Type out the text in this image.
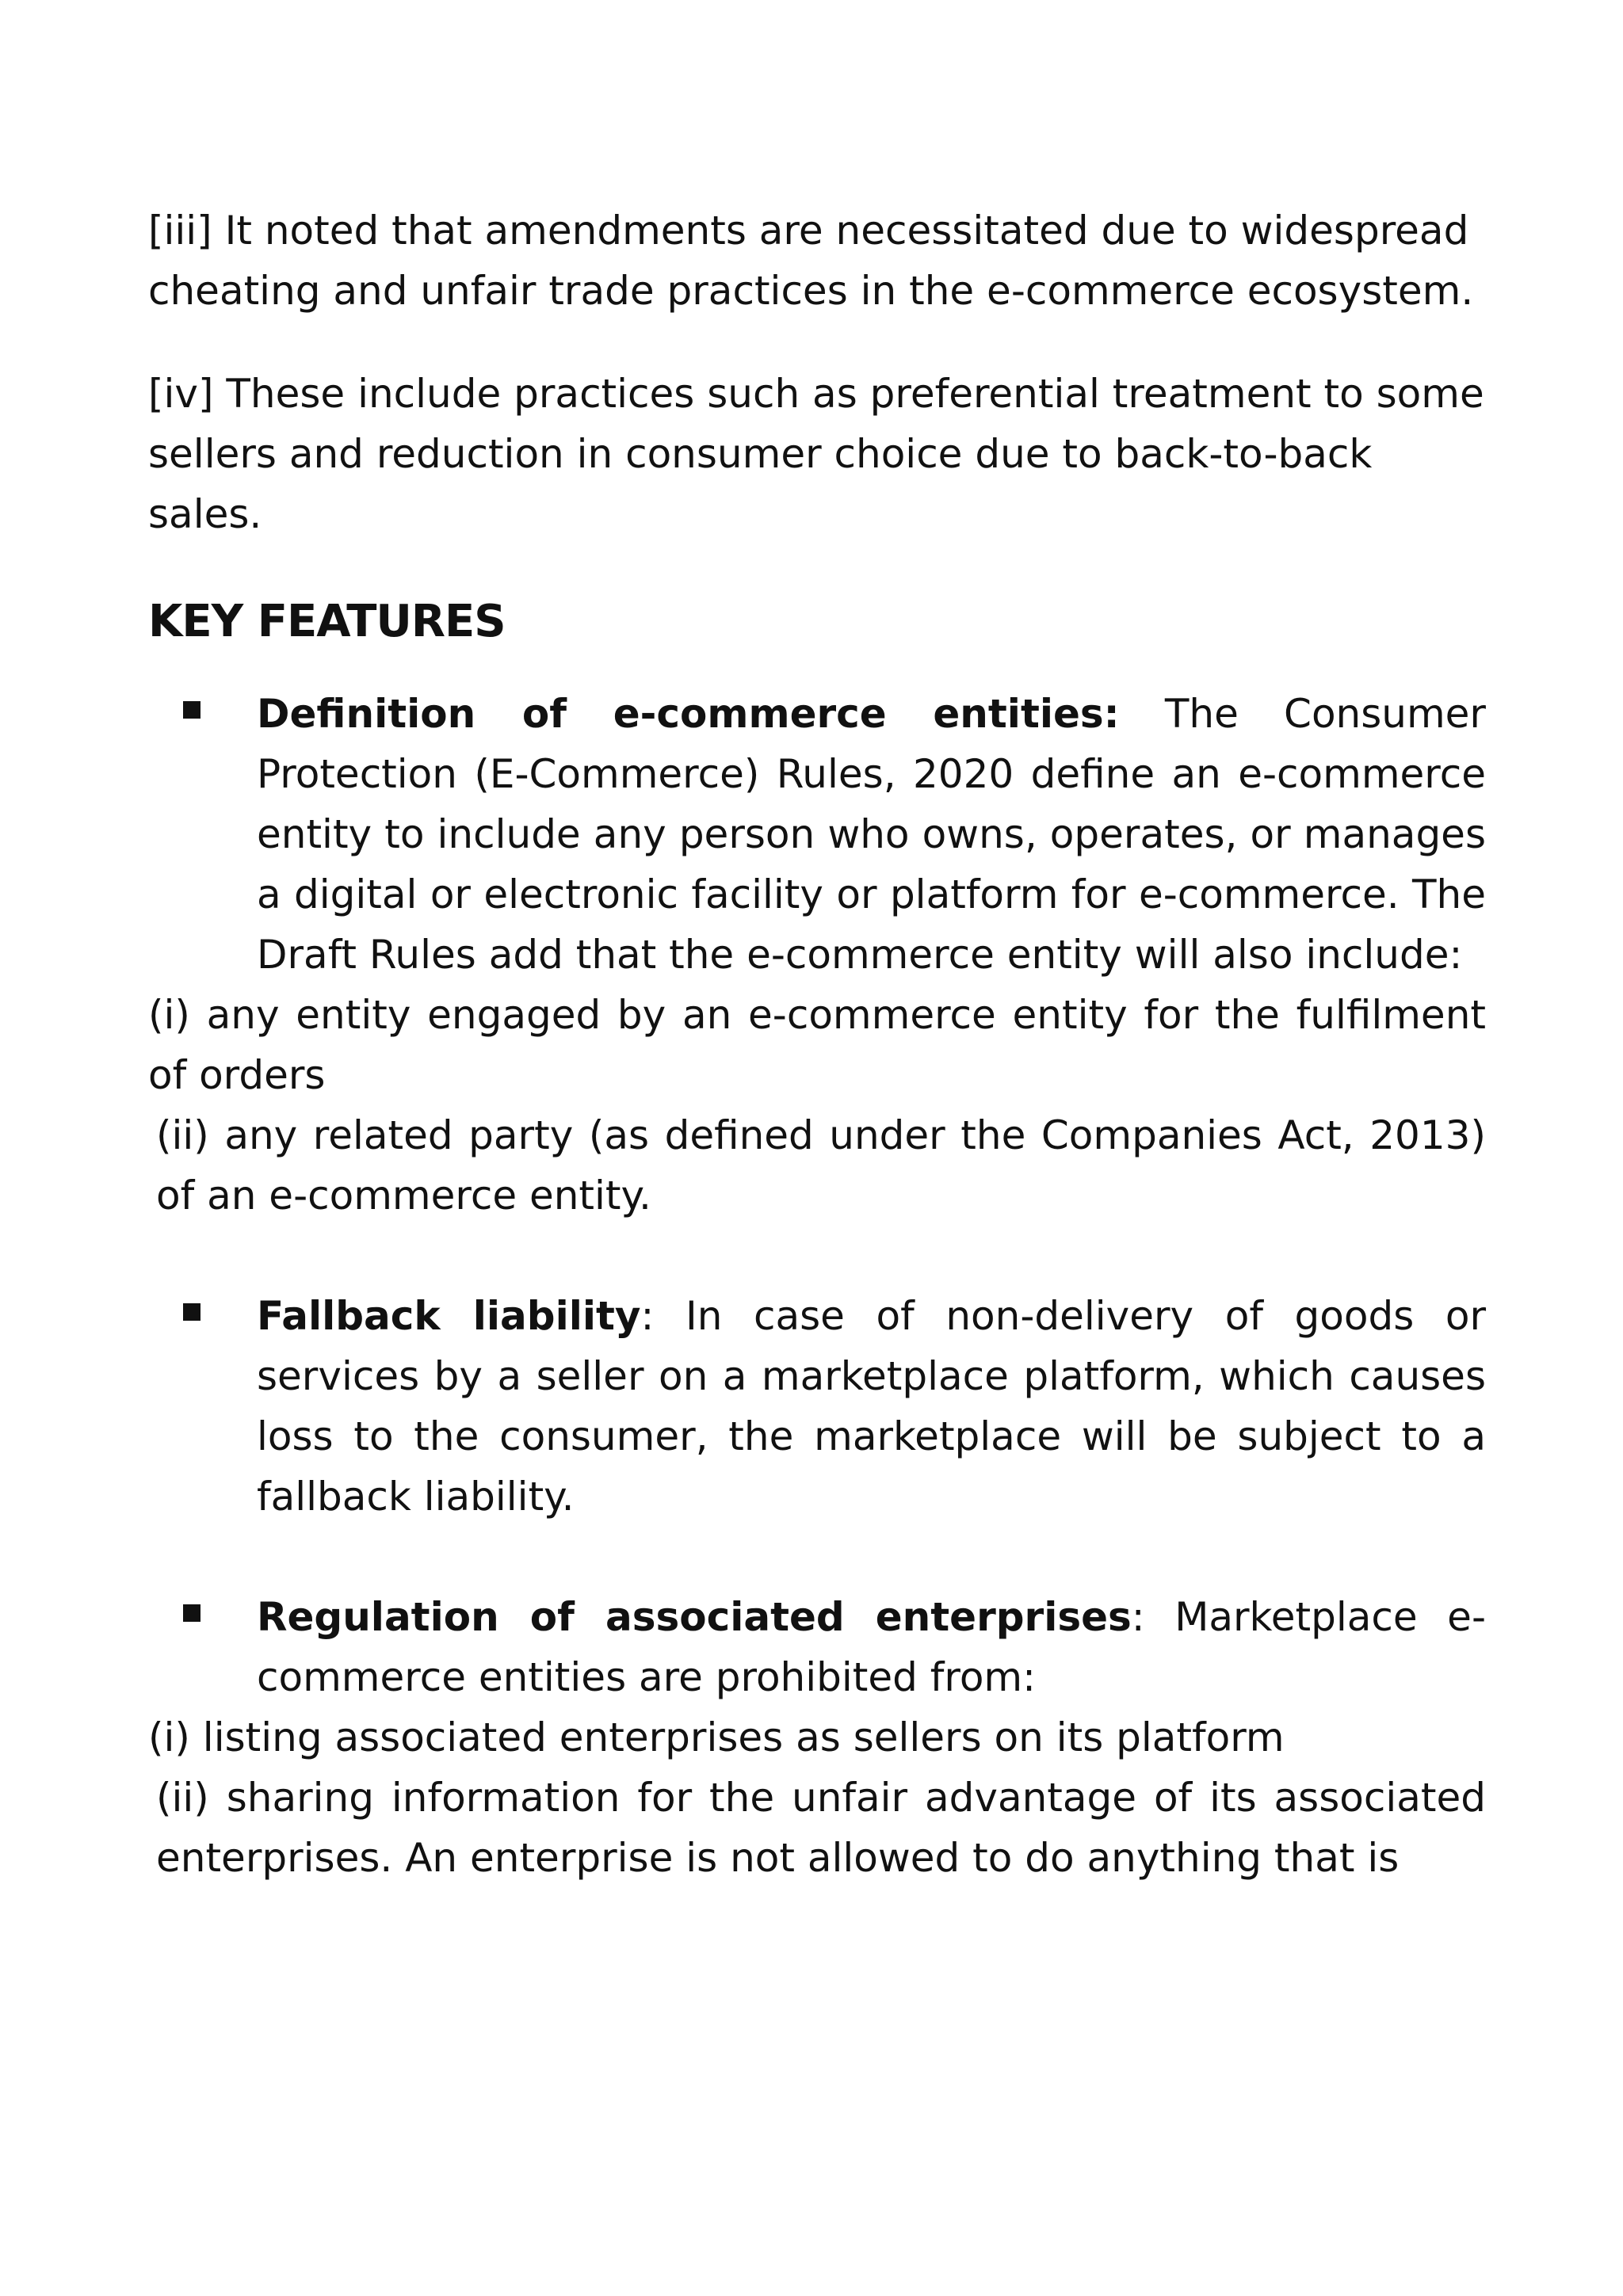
[iii] It noted that amendments are necessitated due to widespread cheating and unfair trade practices in the e-commerce ecosystem.

[iv] These include practices such as preferential treatment to some sellers and reduction in consumer choice due to back-to-back sales.

KEY FEATURES
Definition of e-commerce entities: The Consumer Protection (E-Commerce) Rules, 2020 define an e-commerce entity to include any person who owns, operates, or manages a digital or electronic facility or platform for e-commerce. The Draft Rules add that the e-commerce entity will also include:

(i) any entity engaged by an e-commerce entity for the fulfilment of orders

(ii) any related party (as defined under the Companies Act, 2013) of an e-commerce entity.

Fallback liability: In case of non-delivery of goods or services by a seller on a marketplace platform, which causes loss to the consumer, the marketplace will be subject to a fallback liability.
Regulation of associated enterprises: Marketplace e-commerce entities are prohibited from:

(i) listing associated enterprises as sellers on its platform

(ii) sharing information for the unfair advantage of its associated enterprises. An enterprise is not allowed to do anything that is
